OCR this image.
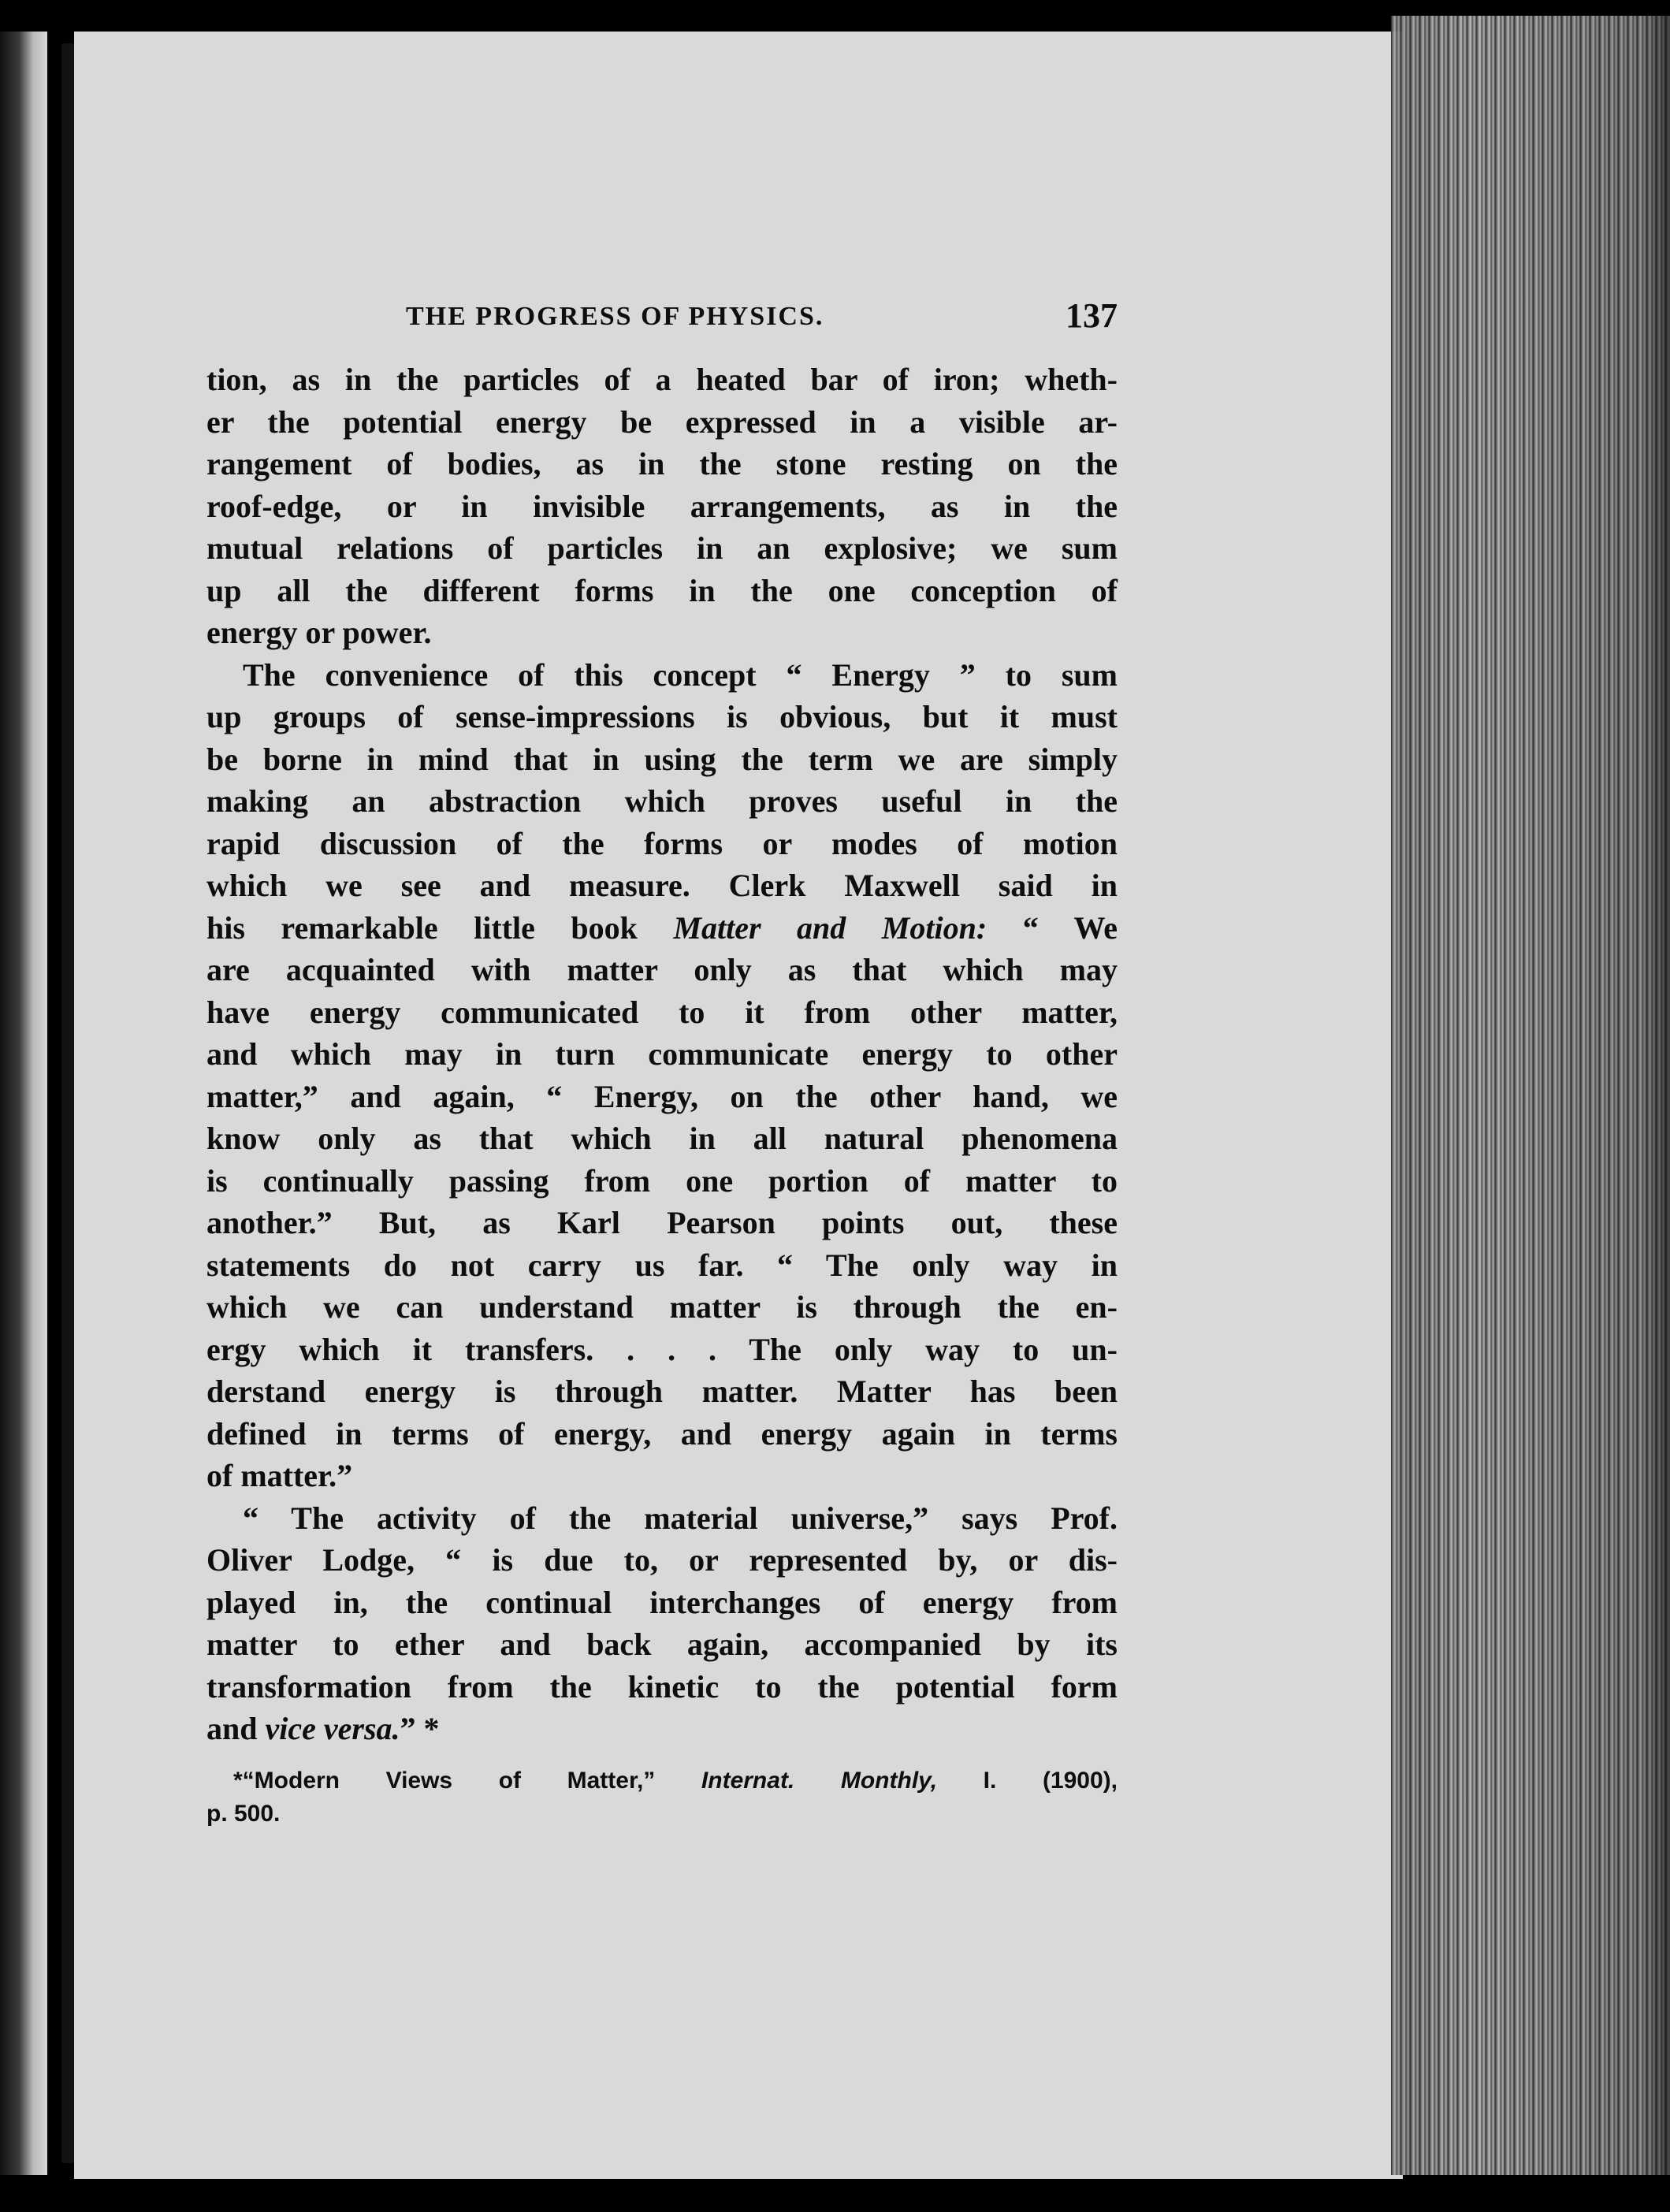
THE PROGRESS OF PHYSICS.	137
tion, as in the particles of a heated bar of iron; wheth-
er the potential energy be expressed in a visible ar-
rangement of bodies, as in the stone resting on the
roof-edge, or in invisible arrangements, as in the
mutual relations of particles in an explosive; we sum
up all the different forms in the one conception of
energy or power.
The convenience of this concept “ Energy ” to sum
up groups of sense-impressions is obvious, but it must
be borne in mind that in using the term we are simply
making an abstraction which proves useful in the
rapid discussion of the forms or modes of motion
which we see and measure. Clerk Maxwell said in
his remarkable little book Matter and Motion: “ We
are acquainted with matter only as that which may
have energy communicated to it from other matter,
and which may in turn communicate energy to other
matter,” and again, “ Energy, on the other hand, we
know only as that which in all natural phenomena
is continually passing from one portion of matter to
another.” But, as Karl Pearson points out, these
statements do not carry us far. “ The only way in
which we can understand matter is through the en-
ergy which it transfers. . . . The only way to un-
derstand energy is through matter. Matter has been
defined in terms of energy, and energy again in terms
of matter.”
“ The activity of the material universe,” says Prof.
Oliver Lodge, “ is due to, or represented by, or dis-
played in, the continual interchanges of energy from
matter to ether and back again, accompanied by its
transformation from the kinetic to the potential form
and vice versa.” *
*“Modern Views of Matter,” Internat. Monthly, I. (1900),
p. 500.
